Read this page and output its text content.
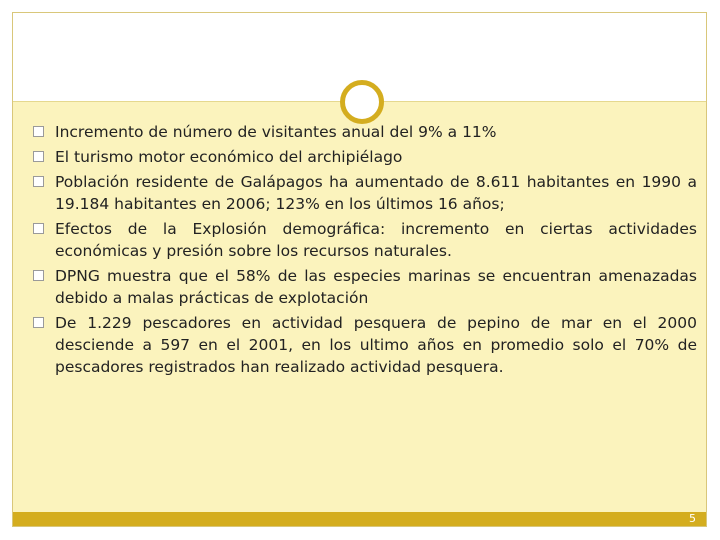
Incremento de número de visitantes anual del 9% a 11%
El turismo motor económico del archipiélago
Población residente de Galápagos ha aumentado de 8.611 habitantes en 1990 a 19.184 habitantes en 2006; 123% en los últimos 16 años;
Efectos de la Explosión demográfica: incremento en ciertas actividades económicas y presión sobre los recursos naturales.
DPNG muestra que el 58% de las especies marinas se encuentran amenazadas debido a malas prácticas de explotación
De 1.229 pescadores en actividad pesquera de pepino de mar en el 2000 desciende a 597 en el 2001, en los ultimo años en promedio solo el 70% de pescadores registrados han realizado actividad pesquera.
5
